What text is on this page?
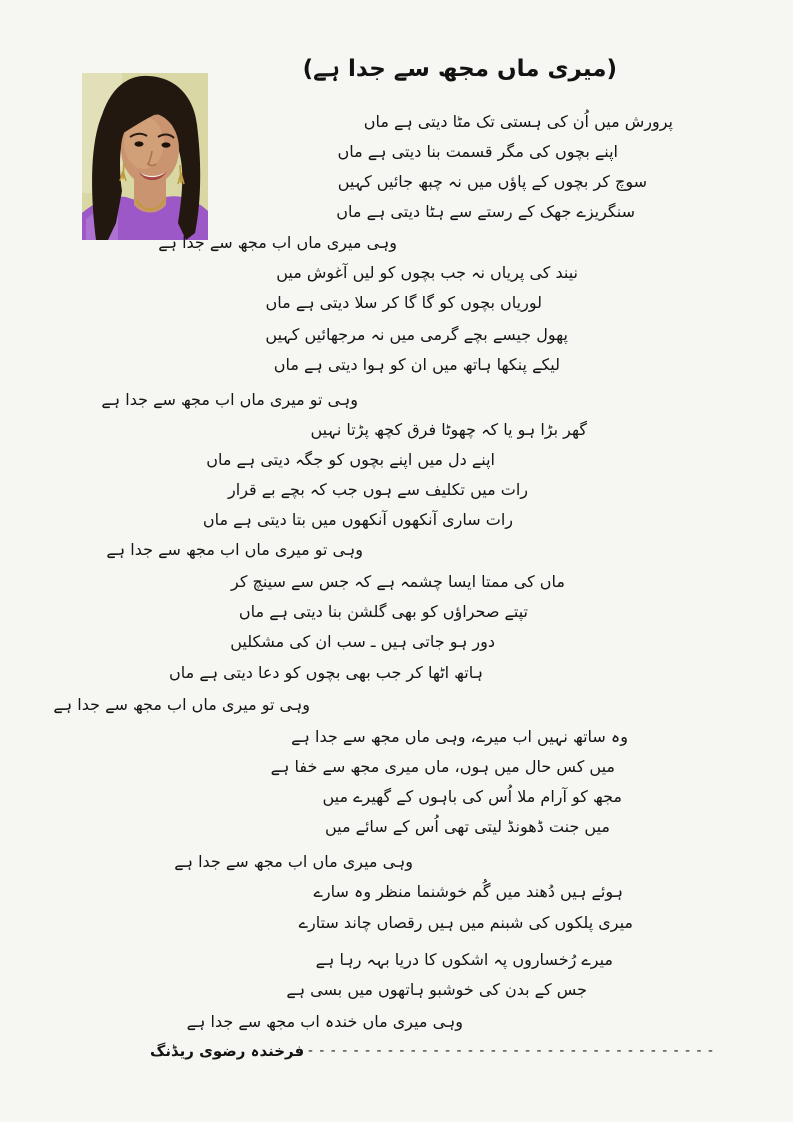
(میری ماں مجھ سے جدا ہے)
پرورش میں اُن کی ہستی تک مٹا دیتی ہے ماں
اپنے بچوں کی مگر قسمت بنا دیتی ہے ماں
سوچ کر بچوں کے پاؤں میں نہ چبھ جائیں کہیں
سنگریزے جھک کے رستے سے ہٹا دیتی ہے ماں
وہی میری ماں اب مجھ سے جدا ہے
نیند کی پریاں نہ جب بچوں کو لیں آغوش میں
لوریاں بچوں کو گا گا کر سلا دیتی ہے ماں
پھول جیسے بچے گرمی میں نہ مرجھائیں کہیں
لیکے پنکھا ہاتھ میں ان کو ہوا دیتی ہے ماں
وہی تو میری ماں اب مجھ سے جدا ہے
گھر بڑا ہو یا کہ چھوٹا فرق کچھ پڑتا نہیں
اپنے دل میں اپنے بچوں کو جگہ دیتی ہے ماں
رات میں تکلیف سے ہوں جب کہ بچے بے قرار
رات ساری آنکھوں آنکھوں میں بتا دیتی ہے ماں
وہی تو میری ماں اب مجھ سے جدا ہے
ماں کی ممتا ایسا چشمہ ہے کہ جس سے سینچ کر
تپتے صحراؤں کو بھی گلشن بنا دیتی ہے ماں
دور ہو جاتی ہیں ـ سب ان کی مشکلیں
ہاتھ اٹھا کر جب بھی بچوں کو دعا دیتی ہے ماں
وہی تو میری ماں اب مجھ سے جدا ہے
وہ ساتھ نہیں اب میرے، وہی ماں مجھ سے جدا ہے
میں کس حال میں ہوں، ماں میری مجھ سے خفا ہے
مجھ کو آرام ملا اُس کی باہوں کے گھیرے میں
میں جنت ڈھونڈ لیتی تھی اُس کے سائے میں
وہی میری ماں اب مجھ سے جدا ہے
ہوئے ہیں دُھند میں گُم خوشنما منظر وہ سارے
میری پلکوں کی شبنم میں ہیں رقصاں چاند ستارے
میرے رُخساروں پہ اشکوں کا دریا بہہ رہا ہے
جس کے بدن کی خوشبو ہاتھوں میں بسی ہے
وہی میری ماں خندہ اب مجھ سے جدا ہے
فرخندہ رضوی ریڈنگ ------------------------------------
